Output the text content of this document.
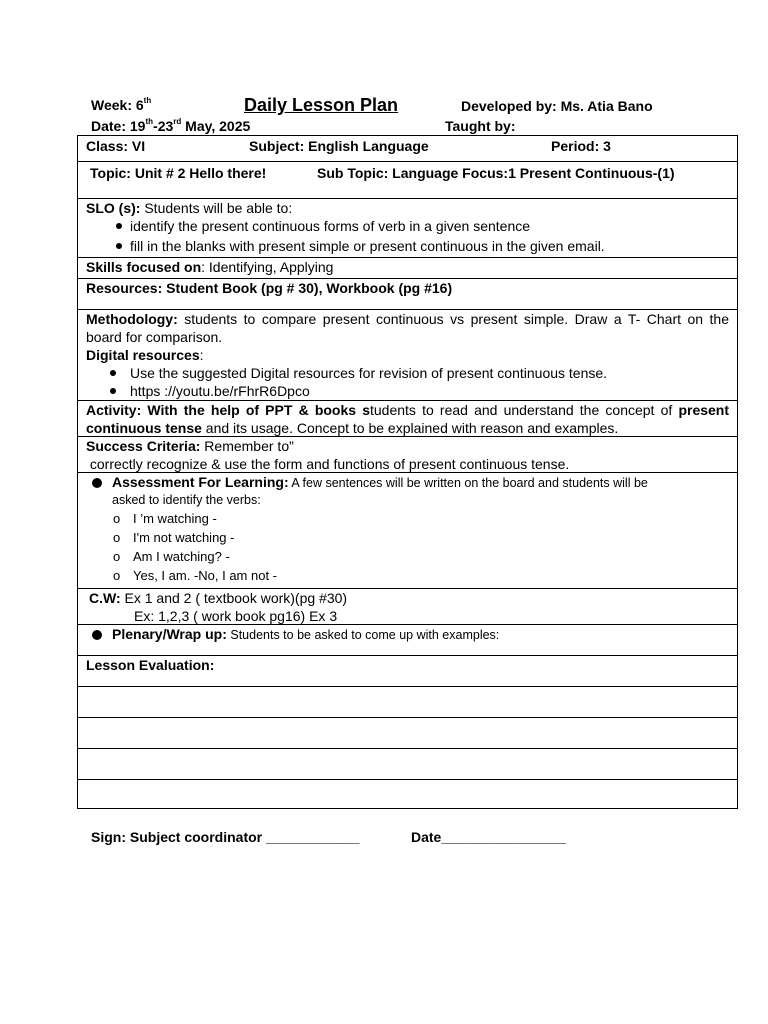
Week: 6th	Daily Lesson Plan	Developed by: Ms. Atia Bano
Date: 19th-23rd May, 2025	Taught by:
Class: VI	Subject: English Language	Period: 3
Topic: Unit # 2 Hello there!	Sub Topic: Language Focus:1 Present Continuous-(1)
SLO (s): Students will be able to:
identify the present continuous forms of verb in a given sentence
fill in the blanks with present simple or present continuous in the given email.
Skills focused on: Identifying, Applying
Resources: Student Book (pg # 30), Workbook (pg #16)
Methodology: students to compare present continuous vs present simple. Draw a T- Chart on the board for comparison.
Digital resources:
Use the suggested Digital resources for revision of present continuous tense.
https ://youtu.be/rFhrR6Dpco
Activity: With the help of PPT & books students to read and understand the concept of present continuous tense and its usage. Concept to be explained with reason and examples.
Success Criteria: Remember to”
correctly recognize & use the form and functions of present continuous tense.
Assessment For Learning: A few sentences will be written on the board and students will be
asked to identify the verbs:
o I ’m watching -
o I'm not watching -
o Am I watching? -
o Yes, I am. -No, I am not -
C.W: Ex 1 and 2 ( textbook work)(pg #30)
Ex: 1,2,3 ( work book pg16) Ex 3
Plenary/Wrap up: Students to be asked to come up with examples:
Lesson Evaluation:
Sign: Subject coordinator ____________	Date________________
